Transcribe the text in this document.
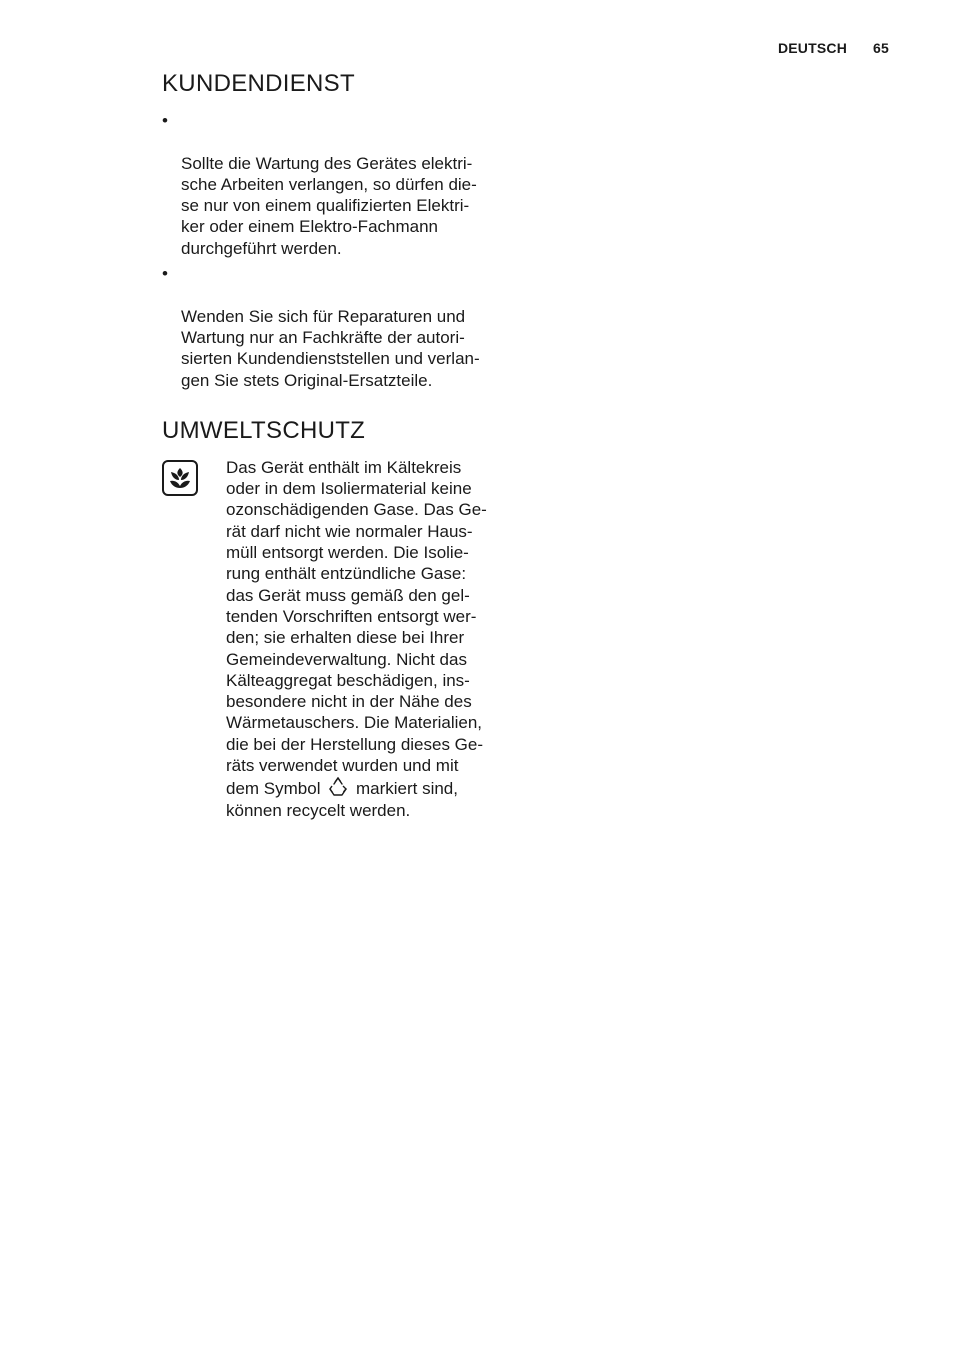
DEUTSCH 65
KUNDENDIENST

•

Sollte die Wartung des Gerätes elektri-
sche Arbeiten verlangen, so dürfen die-
se nur von einem qualifizierten Elektri-
ker oder einem Elektro-Fachmann
durchgeführt werden.

•

Wenden Sie sich für Reparaturen und
Wartung nur an Fachkräfte der autori-
sierten Kundendienststellen und verlan-
gen Sie stets Original-Ersatzteile.

UMWELTSCHUTZ
Das Gerät enthält im Kältekreis
oder in dem Isoliermaterial keine
ozonschädigenden Gase. Das Ge-
rät darf nicht wie normaler Haus-
müll entsorgt werden. Die Isolie-
rung enthält entzündliche Gase:
das Gerät muss gemäß den gel-
tenden Vorschriften entsorgt wer-
den; sie erhalten diese bei Ihrer
Gemeindeverwaltung. Nicht das
Kälteaggregat beschädigen, ins-
besondere nicht in der Nähe des
Wärmetauschers. Die Materialien,
die bei der Herstellung dieses Ge-
räts verwendet wurden und mit
dem Symbol markiert sind,
können recycelt werden.
